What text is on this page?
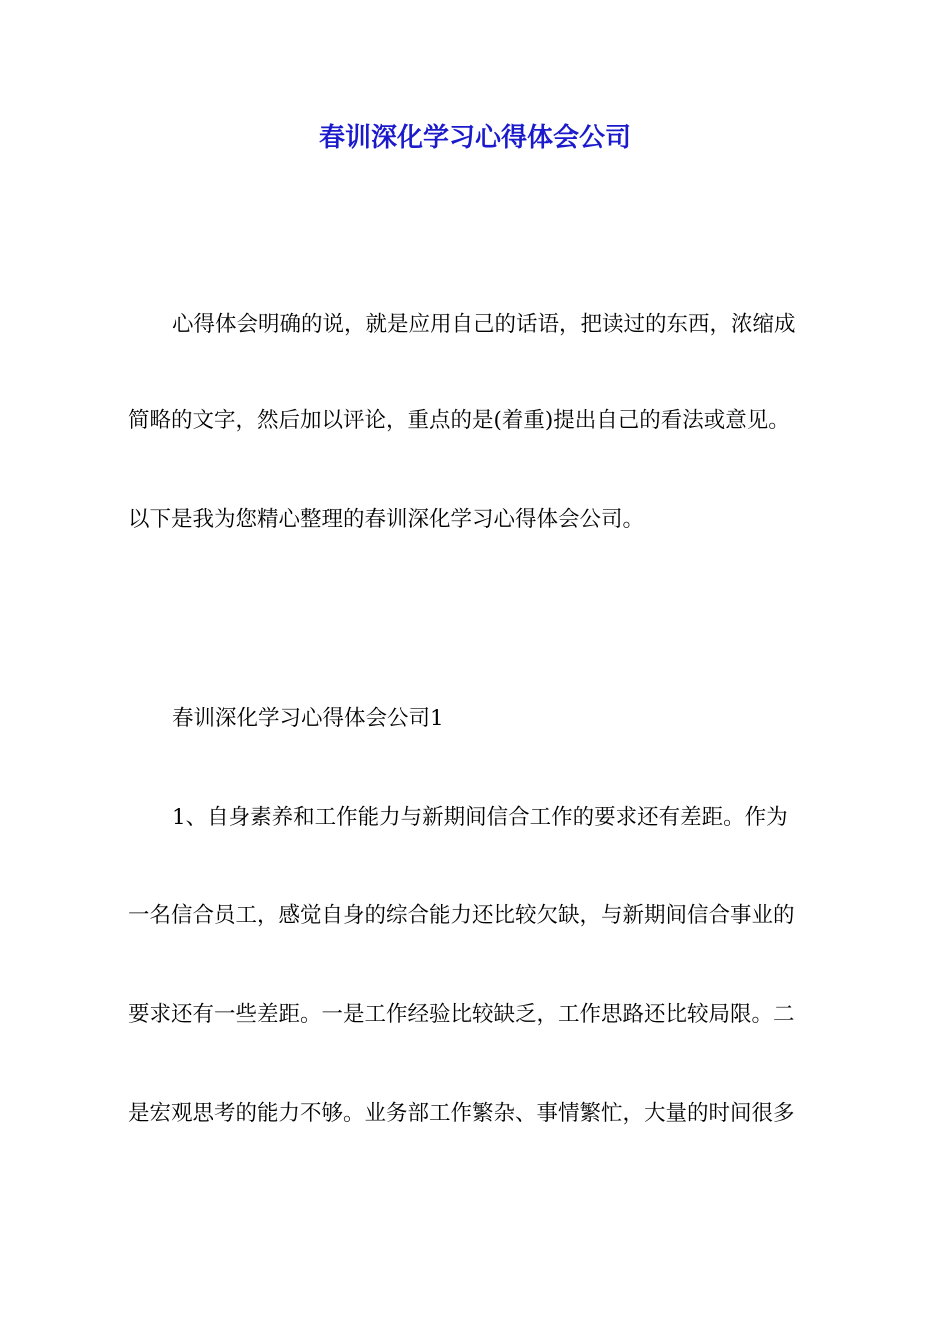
春训深化学习心得体会公司

心得体会明确的说，就是应用自己的话语，把读过的东西，浓缩成

简略的文字，然后加以评论，重点的是(着重)提出自己的看法或意见。

以下是我为您精心整理的春训深化学习心得体会公司。

春训深化学习心得体会公司1

1、自身素养和工作能力与新期间信合工作的要求还有差距。作为

一名信合员工，感觉自身的综合能力还比较欠缺，与新期间信合事业的

要求还有一些差距。一是工作经验比较缺乏，工作思路还比较局限。二

是宏观思考的能力不够。业务部工作繁杂、事情繁忙，大量的时间很多
